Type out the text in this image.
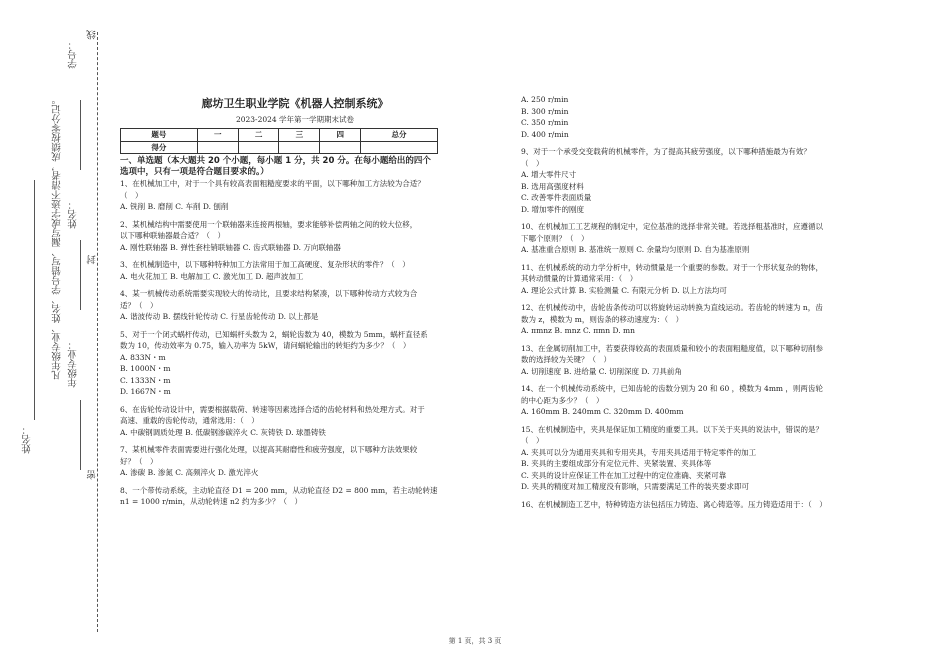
线
封
密
学号：
姓名：
年级专业：
凡年级专业、姓名、学号错写、漏写或字迹不清者，成绩按零分记。
姓名：
廊坊卫生职业学院《机器人控制系统》
2023-2024 学年第一学期期末试卷
题号	一	二	三	四	总分
得分					
一、单选题（本大题共 20 个小题，每小题 1 分，共 20 分。在每小题给出的四个
选项中，只有一项是符合题目要求的。）
1、在机械加工中，对于一个具有较高表面粗糙度要求的平面，以下哪种加工方法较为合适？
（　）
A. 铣削 B. 磨削 C. 车削 D. 刨削
2、某机械结构中需要使用一个联轴器来连接两根轴，要求能够补偿两轴之间的较大位移，
以下哪种联轴器最合适？（　）
A. 刚性联轴器 B. 弹性套柱销联轴器 C. 齿式联轴器 D. 万向联轴器
3、在机械制造中，以下哪种特种加工方法常用于加工高硬度、复杂形状的零件？（　）
A. 电火花加工 B. 电解加工 C. 激光加工 D. 超声波加工
4、某一机械传动系统需要实现较大的传动比，且要求结构紧凑，以下哪种传动方式较为合
适？（　）
A. 谐波传动 B. 摆线针轮传动 C. 行星齿轮传动 D. 以上都是
5、对于一个闭式蜗杆传动，已知蜗杆头数为 2，蜗轮齿数为 40，模数为 5mm，蜗杆直径系
数为 10，传动效率为 0.75，输入功率为 5kW，请问蜗轮输出的转矩约为多少？（　）
A. 833N・m
B. 1000N・m
C. 1333N・m
D. 1667N・m
6、在齿轮传动设计中，需要根据载荷、转速等因素选择合适的齿轮材料和热处理方式。对于
高速、重载的齿轮传动，通常选用：（　）
A. 中碳钢调质处理 B. 低碳钢渗碳淬火 C. 灰铸铁 D. 球墨铸铁
7、某机械零件表面需要进行强化处理，以提高其耐磨性和疲劳强度，以下哪种方法效果较
好？（　）
A. 渗碳 B. 渗氮 C. 高频淬火 D. 激光淬火
8、一个带传动系统，主动轮直径 D1 = 200 mm，从动轮直径 D2 = 800 mm，若主动轮转速
n1 = 1000 r/min，从动轮转速 n2 约为多少？（　）
A. 250 r/min
B. 300 r/min
C. 350 r/min
D. 400 r/min
9、对于一个承受交变载荷的机械零件，为了提高其疲劳强度，以下哪种措施最为有效？
（　）
A. 增大零件尺寸
B. 选用高强度材料
C. 改善零件表面质量
D. 增加零件的刚度
10、在机械加工工艺规程的制定中，定位基准的选择非常关键。若选择粗基准时，应遵循以
下哪个原则？（　）
A. 基准重合原则 B. 基准统一原则 C. 余量均匀原则 D. 自为基准原则
11、在机械系统的动力学分析中，转动惯量是一个重要的参数。对于一个形状复杂的物体，
其转动惯量的计算通常采用：（　）
A. 理论公式计算 B. 实验测量 C. 有限元分析 D. 以上方法均可
12、在机械传动中，齿轮齿条传动可以将旋转运动转换为直线运动。若齿轮的转速为 n，齿
数为 z，模数为 m，则齿条的移动速度为：（　）
A. πmnz B. mnz C. πmn D. mn
13、在金属切削加工中，若要获得较高的表面质量和较小的表面粗糙度值，以下哪种切削参
数的选择较为关键？（　）
A. 切削速度 B. 进给量 C. 切削深度 D. 刀具前角
14、在一个机械传动系统中，已知齿轮的齿数分别为 20 和 60 ，模数为 4mm ，则两齿轮
的中心距为多少？（　）
A. 160mm B. 240mm C. 320mm D. 400mm
15、在机械制造中，夹具是保证加工精度的重要工具。以下关于夹具的说法中，错误的是？
（　）
A. 夹具可以分为通用夹具和专用夹具，专用夹具适用于特定零件的加工
B. 夹具的主要组成部分有定位元件、夹紧装置、夹具体等
C. 夹具的设计应保证工件在加工过程中的定位准确、夹紧可靠
D. 夹具的精度对加工精度没有影响，只需要满足工件的装夹要求即可
16、在机械制造工艺中，特种铸造方法包括压力铸造、离心铸造等。压力铸造适用于：（　）
第 1 页，共 3 页
